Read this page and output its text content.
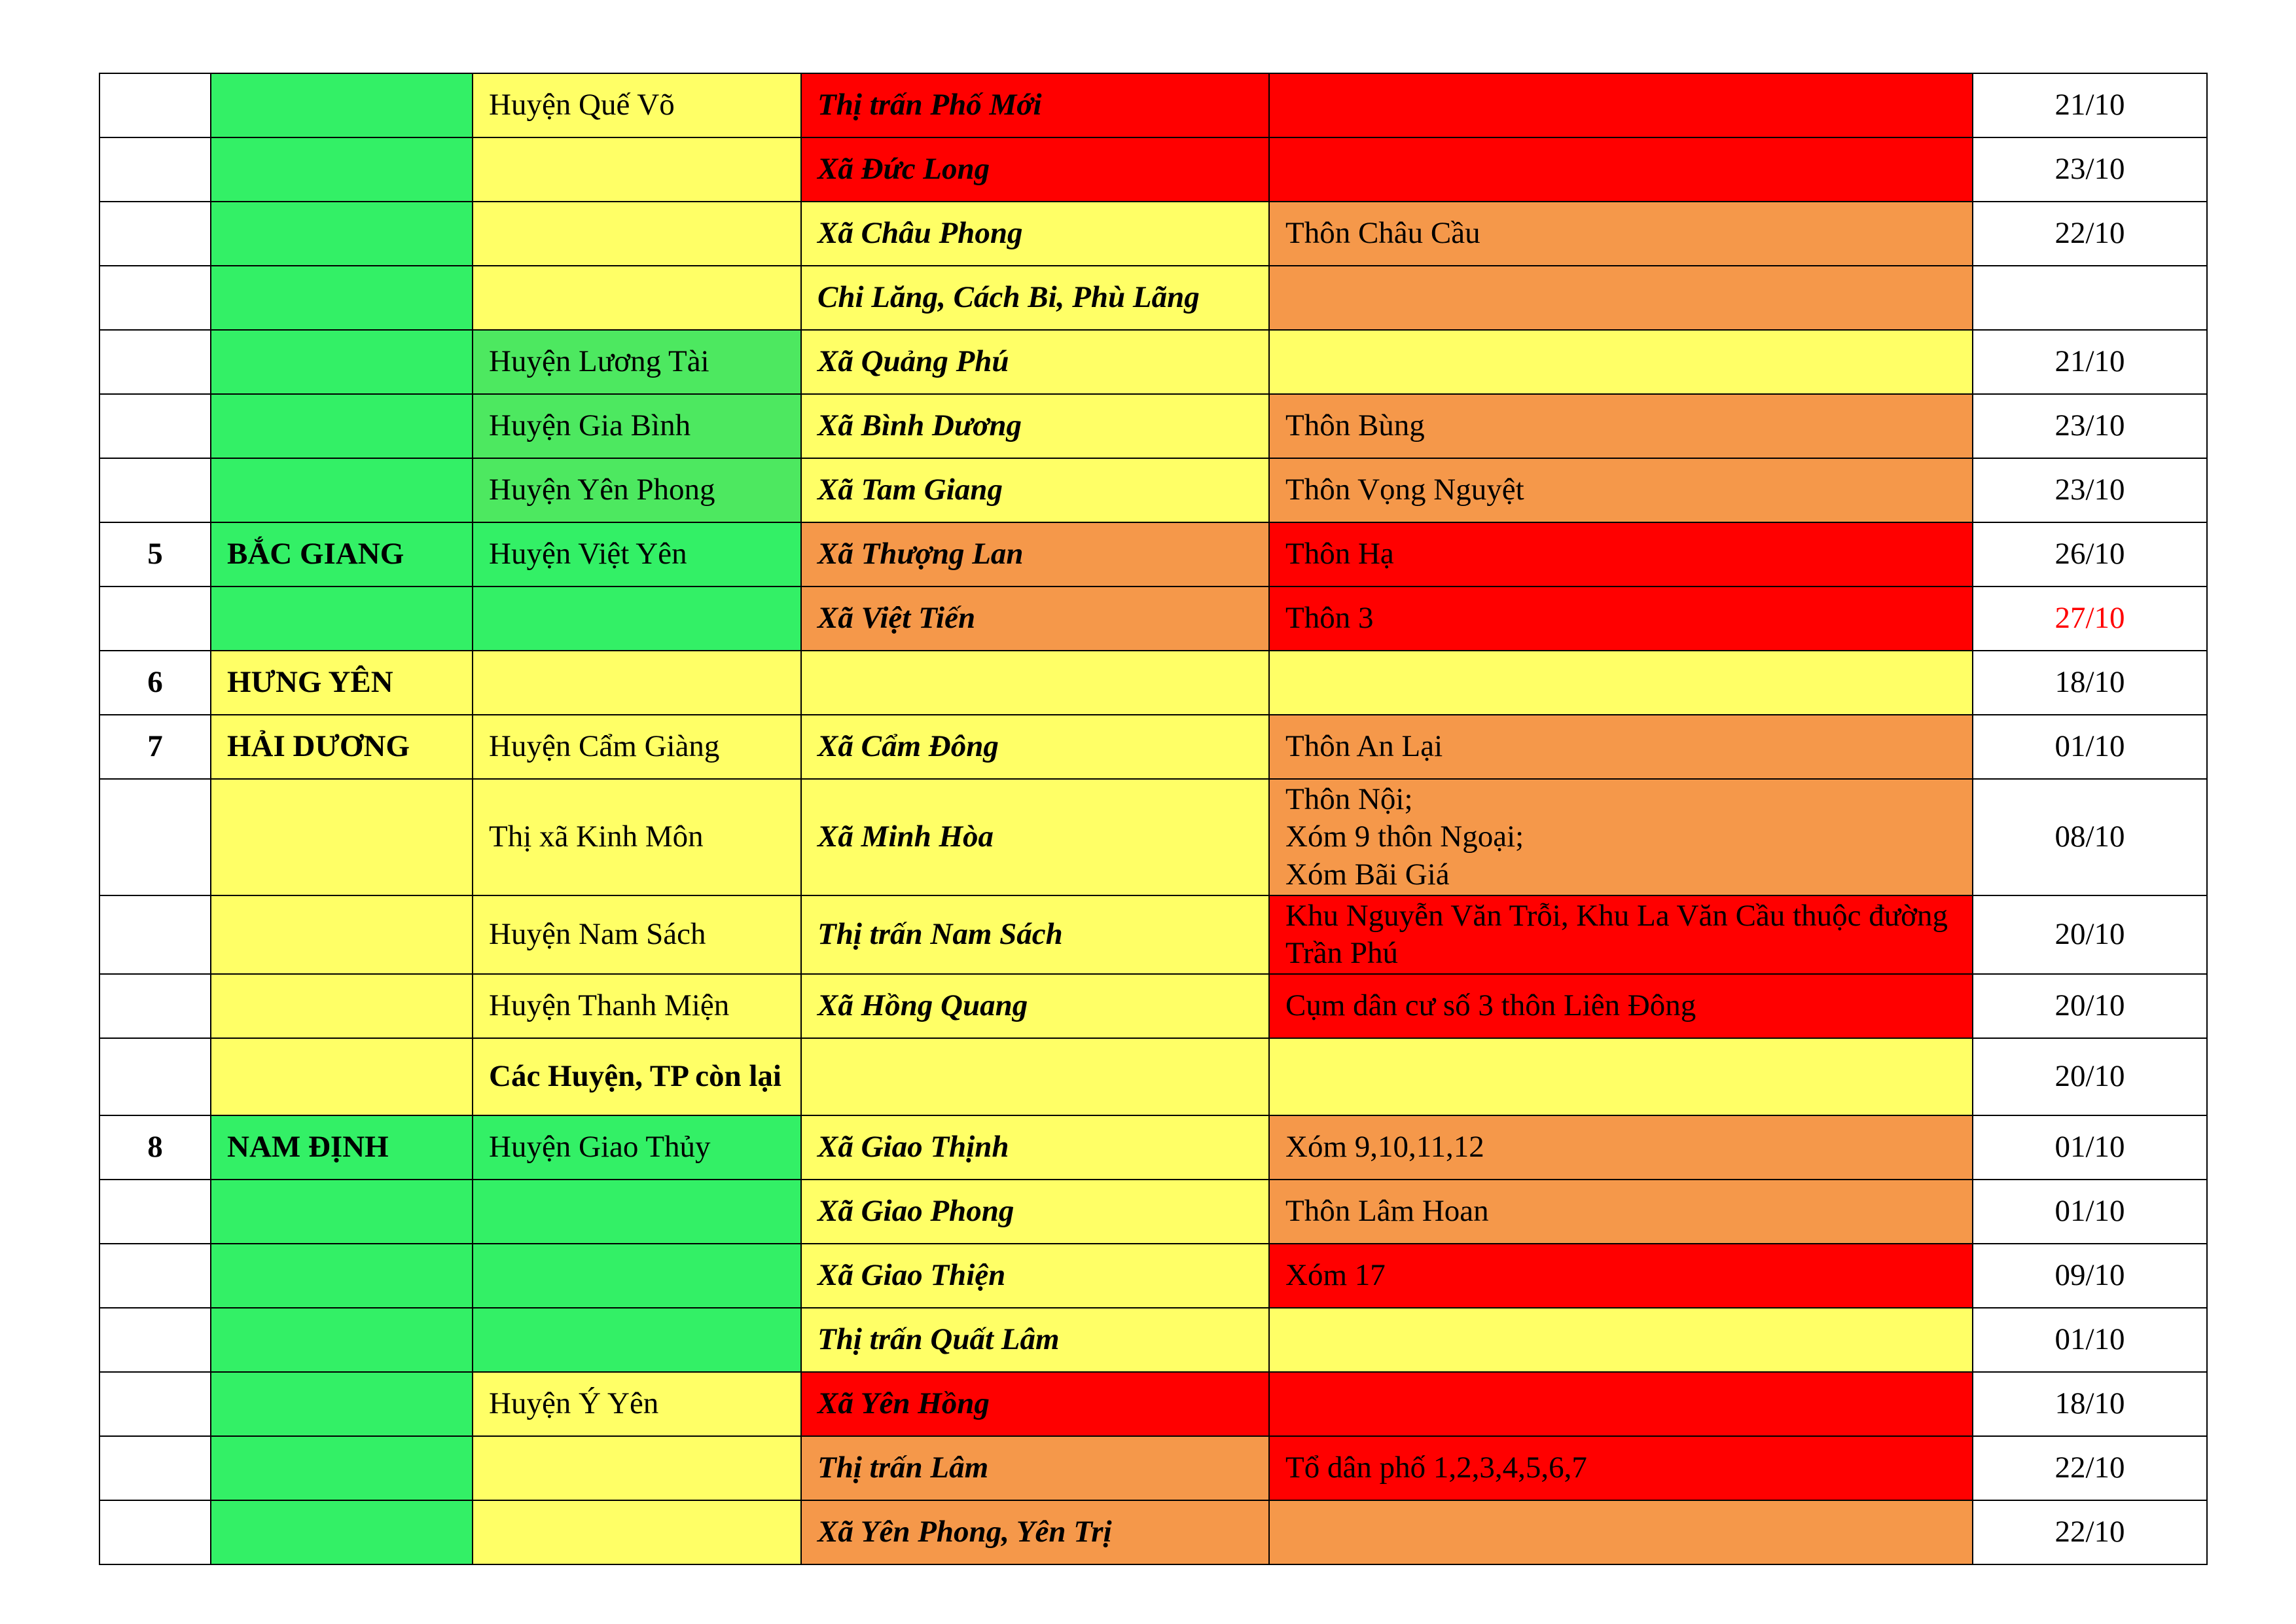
		Huyện Quế Võ	Thị trấn Phố Mới		21/10
			Xã Đức Long		23/10
			Xã Châu Phong	Thôn Châu Cầu	22/10
			Chi Lăng, Cách Bi, Phù Lãng		
		Huyện Lương Tài	Xã Quảng Phú		21/10
		Huyện Gia Bình	Xã Bình Dương	Thôn Bùng	23/10
		Huyện Yên Phong	Xã Tam Giang	Thôn Vọng Nguyệt	23/10
5	BẮC GIANG	Huyện Việt Yên	Xã Thượng Lan	Thôn Hạ	26/10
			Xã Việt Tiến	Thôn 3	27/10
6	HƯNG YÊN				18/10
7	HẢI DƯƠNG	Huyện Cẩm Giàng	Xã Cẩm Đông	Thôn An Lại	01/10
		Thị xã Kinh Môn	Xã Minh Hòa	Thôn Nội;
Xóm 9 thôn Ngoại;
Xóm Bãi Giá	08/10
		Huyện Nam Sách	Thị trấn Nam Sách	Khu Nguyễn Văn Trỗi, Khu La Văn Cầu thuộc đường Trần Phú	20/10
		Huyện Thanh Miện	Xã Hồng Quang	Cụm dân cư số 3 thôn Liên Đông	20/10
		Các Huyện, TP còn lại			20/10
8	NAM ĐỊNH	Huyện Giao Thủy	Xã Giao Thịnh	Xóm 9,10,11,12	01/10
			Xã Giao Phong	Thôn Lâm Hoan	01/10
			Xã Giao Thiện	Xóm 17	09/10
			Thị trấn Quất Lâm		01/10
		Huyện Ý Yên	Xã Yên Hồng		18/10
			Thị trấn Lâm	Tổ dân phố 1,2,3,4,5,6,7	22/10
			Xã Yên Phong, Yên Trị		22/10
